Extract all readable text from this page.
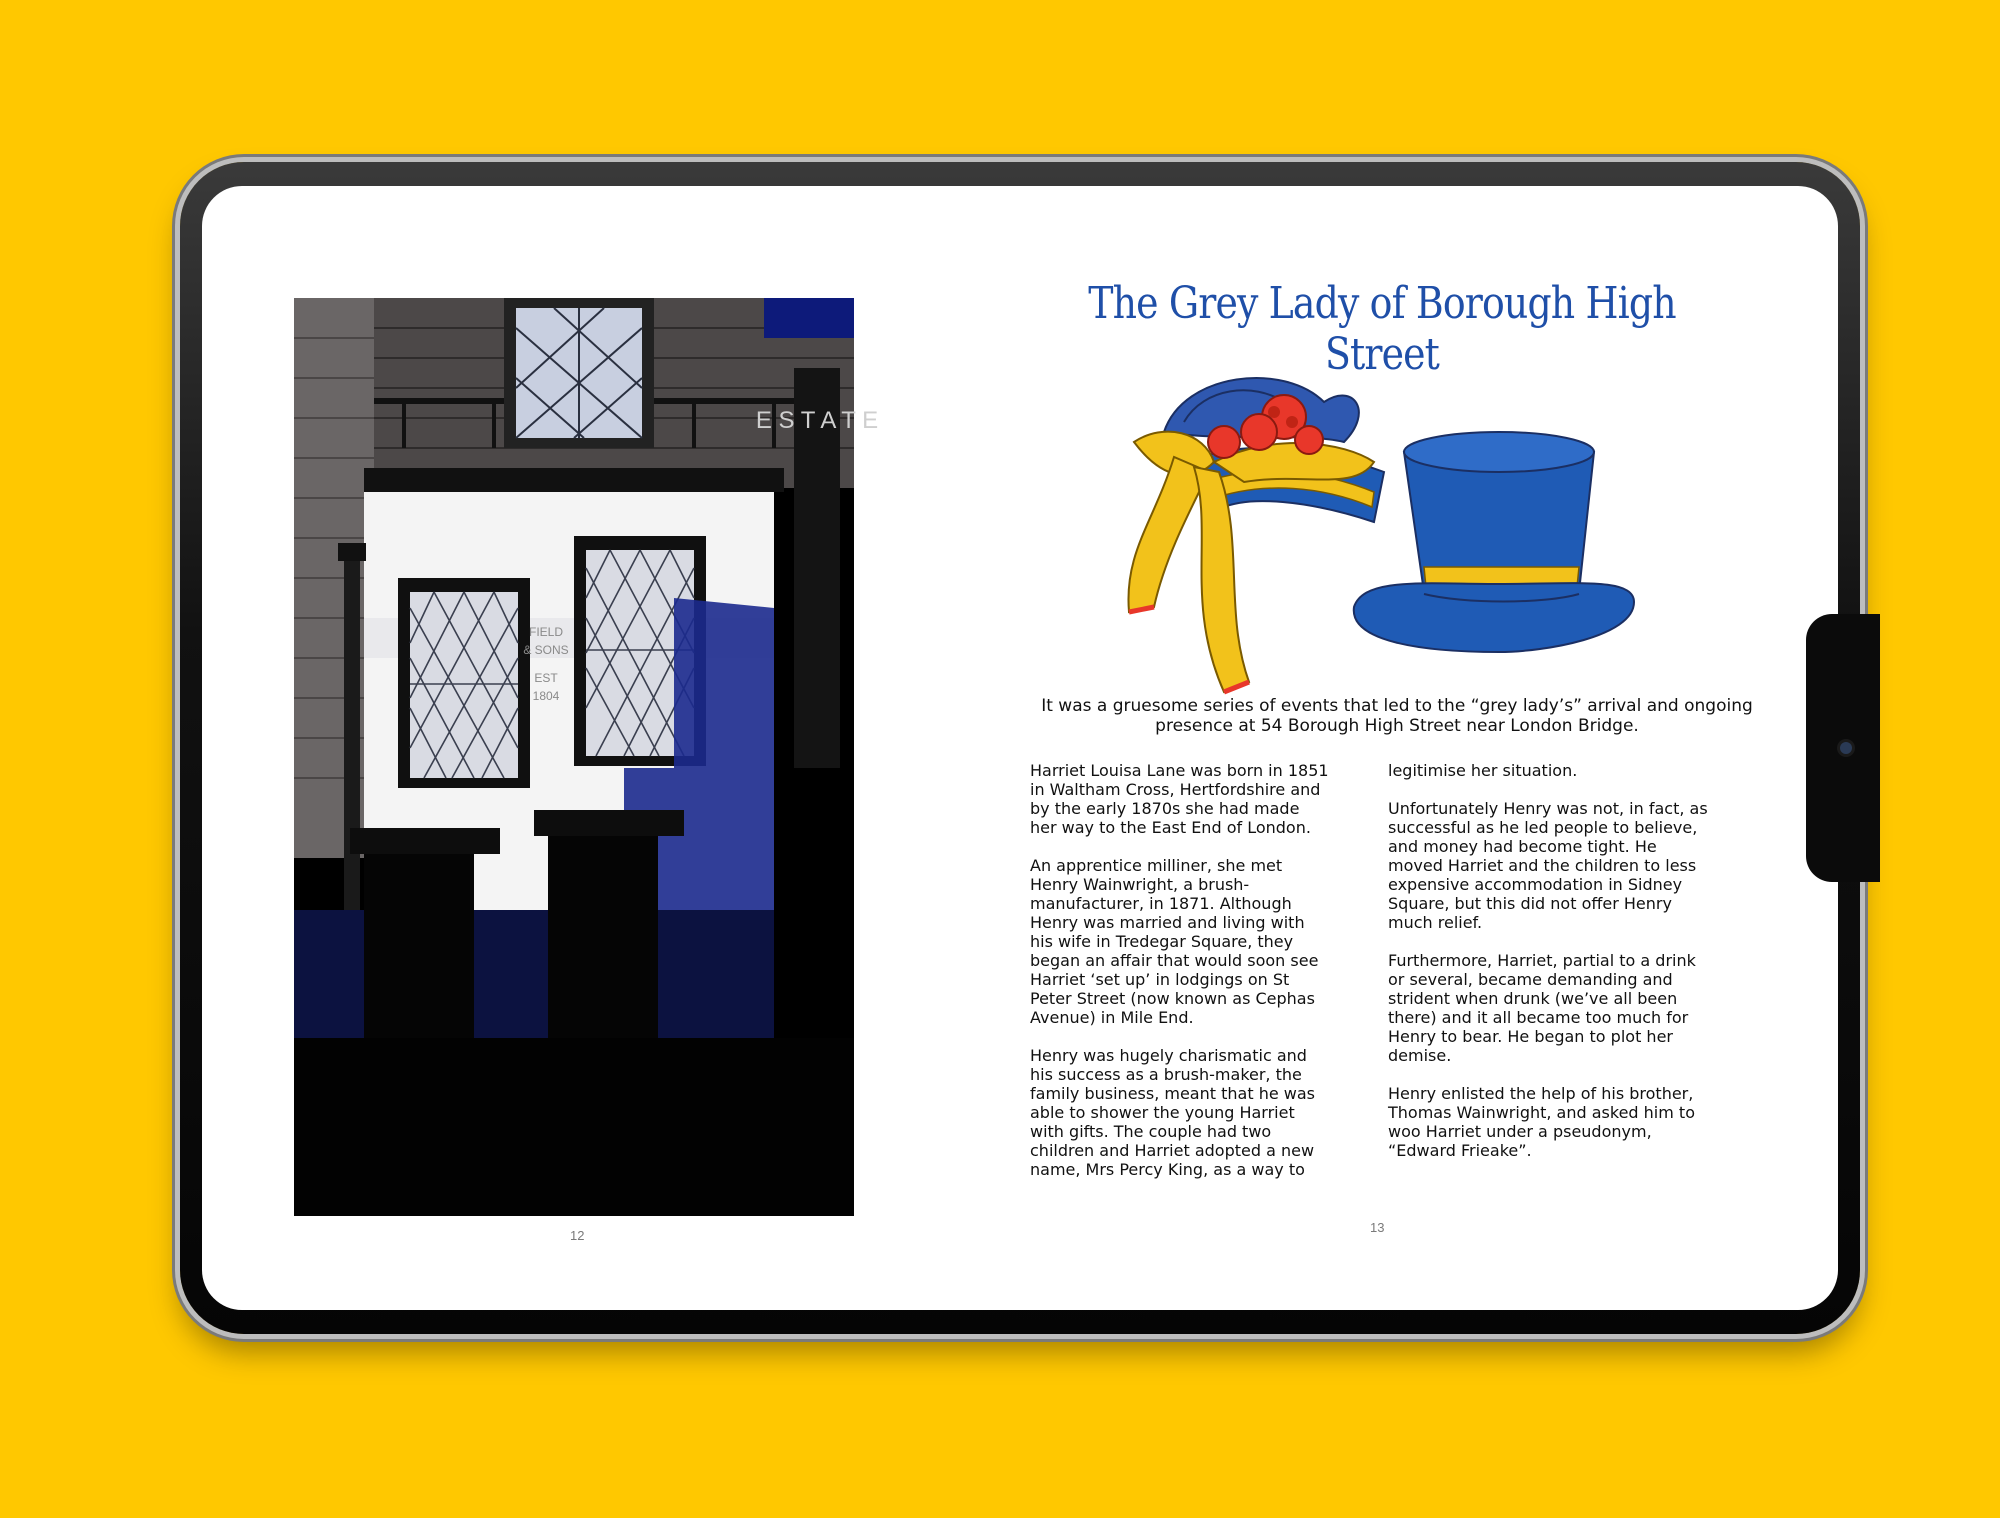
E S T A T E
FIELD
& SONS
EST
1804
12
The Grey Lady of Borough High Street
It was a gruesome series of events that led to the “grey lady’s” arrival and ongoing presence at 54 Borough High Street near London Bridge.

Harriet Louisa Lane was born in 1851 in Waltham Cross, Hertfordshire and by the early 1870s she had made her way to the East End of London.

An apprentice milliner, she met Henry Wainwright, a brush-manufacturer, in 1871. Although Henry was married and living with his wife in Tredegar Square, they began an affair that would soon see Harriet ‘set up’ in lodgings on St Peter Street (now known as Cephas Avenue) in Mile End.

Henry was hugely charismatic and his success as a brush-maker, the family business, meant that he was able to shower the young Harriet with gifts. The couple had two children and Harriet adopted a new name, Mrs Percy King, as a way to

legitimise her situation.

Unfortunately Henry was not, in fact, as successful as he led people to believe, and money had become tight. He moved Harriet and the children to less expensive accommodation in Sidney Square, but this did not offer Henry much relief.

Furthermore, Harriet, partial to a drink or several, became demanding and strident when drunk (we’ve all been there) and it all became too much for Henry to bear. He began to plot her demise.

Henry enlisted the help of his brother, Thomas Wainwright, and asked him to woo Harriet under a pseudonym, “Edward Frieake”.

13
